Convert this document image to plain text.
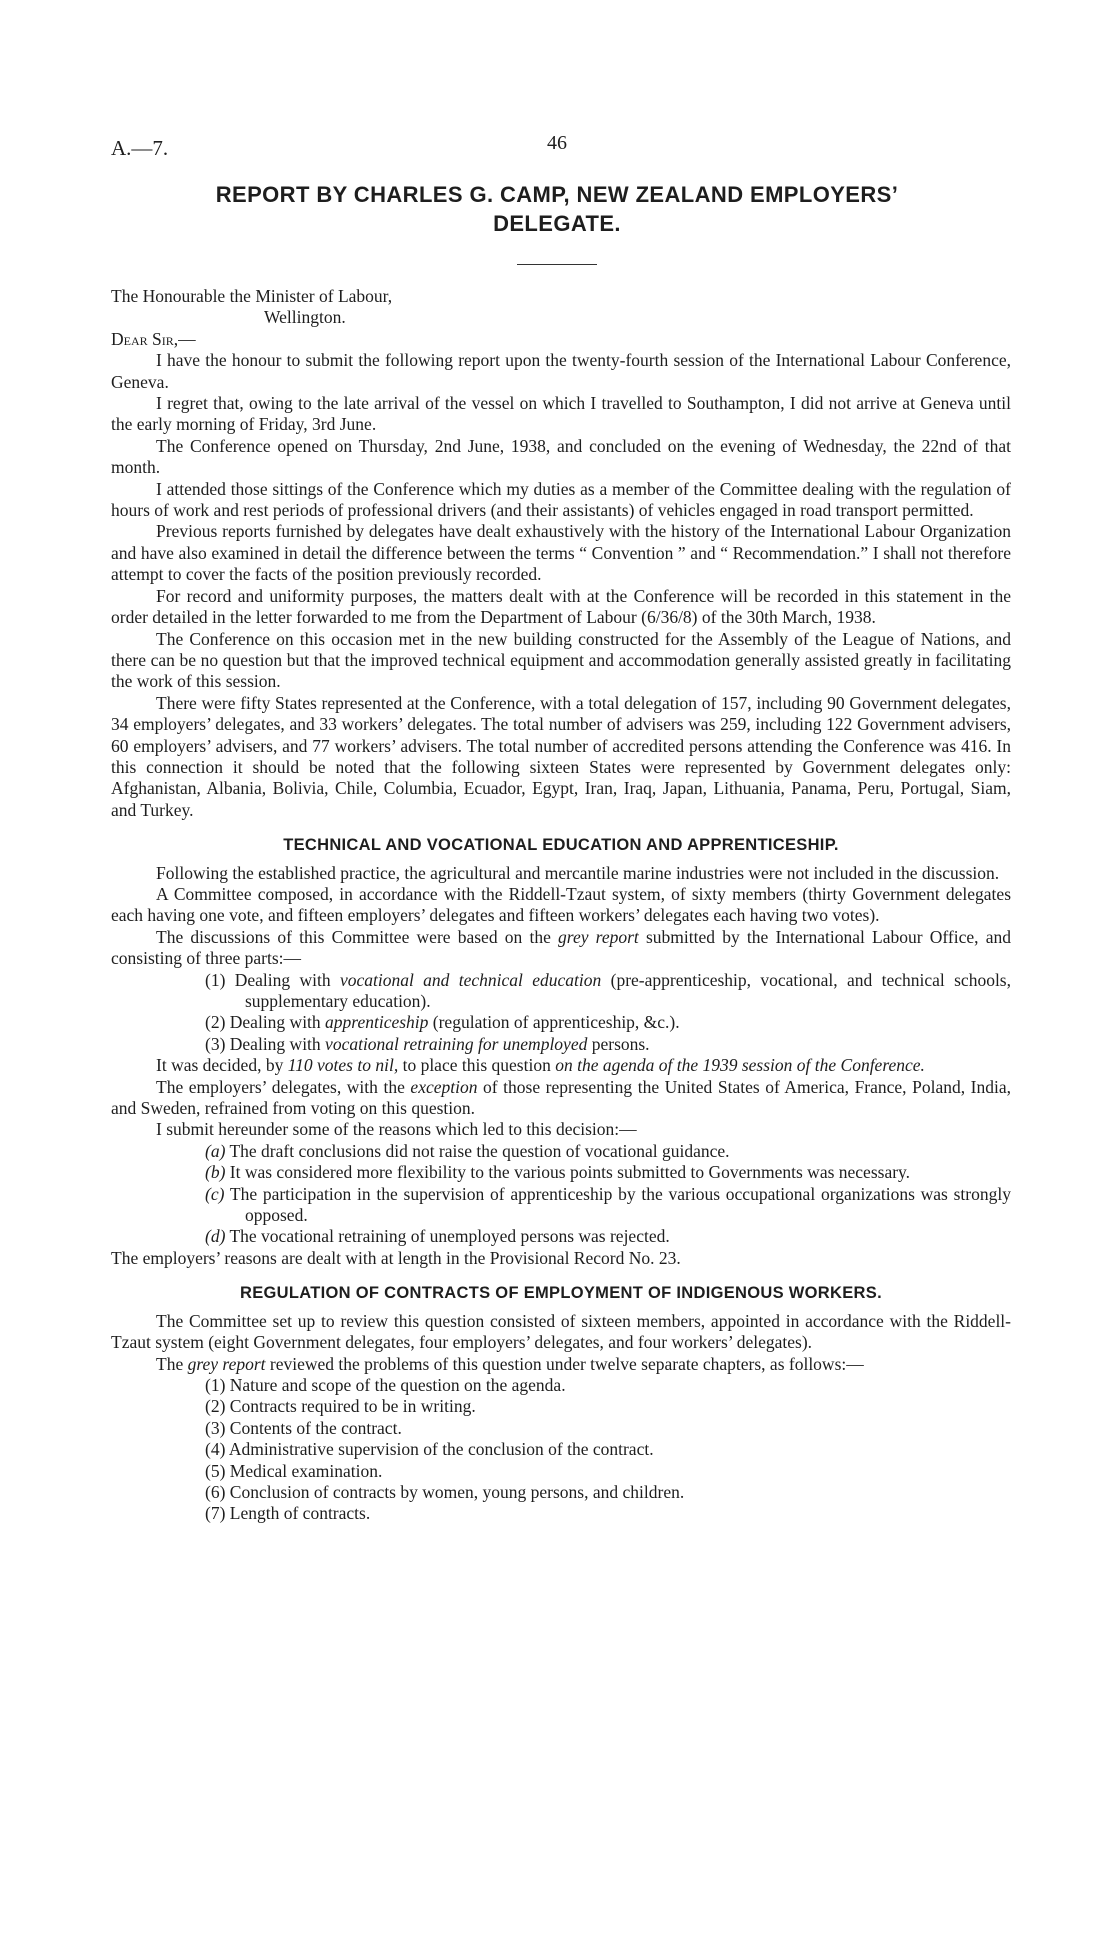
A.—7.	46
REPORT BY CHARLES G. CAMP, NEW ZEALAND EMPLOYERS’
DELEGATE.

The Honourable the Minister of Labour,

Wellington.

Dear Sir,—

I have the honour to submit the following report upon the twenty-fourth session of the International Labour Conference, Geneva.

I regret that, owing to the late arrival of the vessel on which I travelled to Southampton, I did not arrive at Geneva until the early morning of Friday, 3rd June.

The Conference opened on Thursday, 2nd June, 1938, and concluded on the evening of Wednesday, the 22nd of that month.

I attended those sittings of the Conference which my duties as a member of the Committee dealing with the regulation of hours of work and rest periods of professional drivers (and their assistants) of vehicles engaged in road transport permitted.

Previous reports furnished by delegates have dealt exhaustively with the history of the International Labour Organization and have also examined in detail the difference between the terms “ Convention ” and “ Recommendation.” I shall not therefore attempt to cover the facts of the position previously recorded.

For record and uniformity purposes, the matters dealt with at the Conference will be recorded in this statement in the order detailed in the letter forwarded to me from the Department of Labour (6/36/8) of the 30th March, 1938.

The Conference on this occasion met in the new building constructed for the Assembly of the League of Nations, and there can be no question but that the improved technical equipment and accommodation generally assisted greatly in facilitating the work of this session.

There were fifty States represented at the Conference, with a total delegation of 157, including 90 Government delegates, 34 employers’ delegates, and 33 workers’ delegates. The total number of advisers was 259, including 122 Government advisers, 60 employers’ advisers, and 77 workers’ advisers. The total number of accredited persons attending the Conference was 416. In this connection it should be noted that the following sixteen States were represented by Government delegates only: Afghanistan, Albania, Bolivia, Chile, Columbia, Ecuador, Egypt, Iran, Iraq, Japan, Lithuania, Panama, Peru, Portugal, Siam, and Turkey.

TECHNICAL AND VOCATIONAL EDUCATION AND APPRENTICESHIP.

Following the established practice, the agricultural and mercantile marine industries were not included in the discussion.

A Committee composed, in accordance with the Riddell-Tzaut system, of sixty members (thirty Government delegates each having one vote, and fifteen employers’ delegates and fifteen workers’ delegates each having two votes).

The discussions of this Committee were based on the grey report submitted by the International Labour Office, and consisting of three parts:—

(1) Dealing with vocational and technical education (pre-apprenticeship, vocational, and technical schools, supplementary education).

(2) Dealing with apprenticeship (regulation of apprenticeship, &c.).

(3) Dealing with vocational retraining for unemployed persons.

It was decided, by 110 votes to nil, to place this question on the agenda of the 1939 session of the Conference.

The employers’ delegates, with the exception of those representing the United States of America, France, Poland, India, and Sweden, refrained from voting on this question.

I submit hereunder some of the reasons which led to this decision:—

(a) The draft conclusions did not raise the question of vocational guidance.

(b) It was considered more flexibility to the various points submitted to Governments was necessary.

(c) The participation in the supervision of apprenticeship by the various occupational organizations was strongly opposed.

(d) The vocational retraining of unemployed persons was rejected.

The employers’ reasons are dealt with at length in the Provisional Record No. 23.

REGULATION OF CONTRACTS OF EMPLOYMENT OF INDIGENOUS WORKERS.

The Committee set up to review this question consisted of sixteen members, appointed in accordance with the Riddell-Tzaut system (eight Government delegates, four employers’ delegates, and four workers’ delegates).

The grey report reviewed the problems of this question under twelve separate chapters, as follows:—

(1) Nature and scope of the question on the agenda.

(2) Contracts required to be in writing.

(3) Contents of the contract.

(4) Administrative supervision of the conclusion of the contract.

(5) Medical examination.

(6) Conclusion of contracts by women, young persons, and children.

(7) Length of contracts.
